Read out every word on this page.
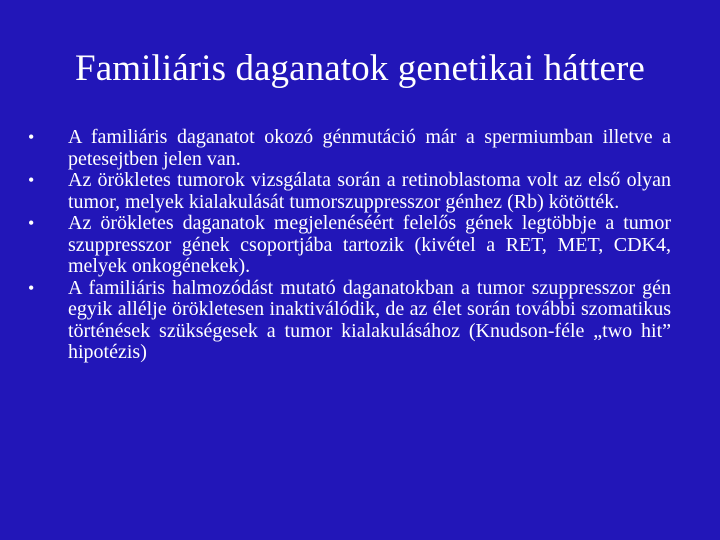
Familiáris daganatok genetikai háttere
•	A familiáris daganatot okozó génmutáció már a spermiumban illetve a petesejtben jelen van.
•	Az örökletes tumorok vizsgálata során a retinoblastoma volt az első olyan tumor, melyek kialakulását tumorszuppresszor génhez (Rb) kötötték.
•	Az örökletes daganatok megjelenéséért felelős gének legtöbbje a tumor szuppresszor gének csoportjába tartozik (kivétel a RET, MET, CDK4, melyek onkogénekek).
•	A familiáris halmozódást mutató daganatokban a tumor szuppresszor gén egyik allélje örökletesen inaktiválódik, de az élet során további szomatikus történések szükségesek a tumor kialakulásához (Knudson-féle „two hit” hipotézis)
